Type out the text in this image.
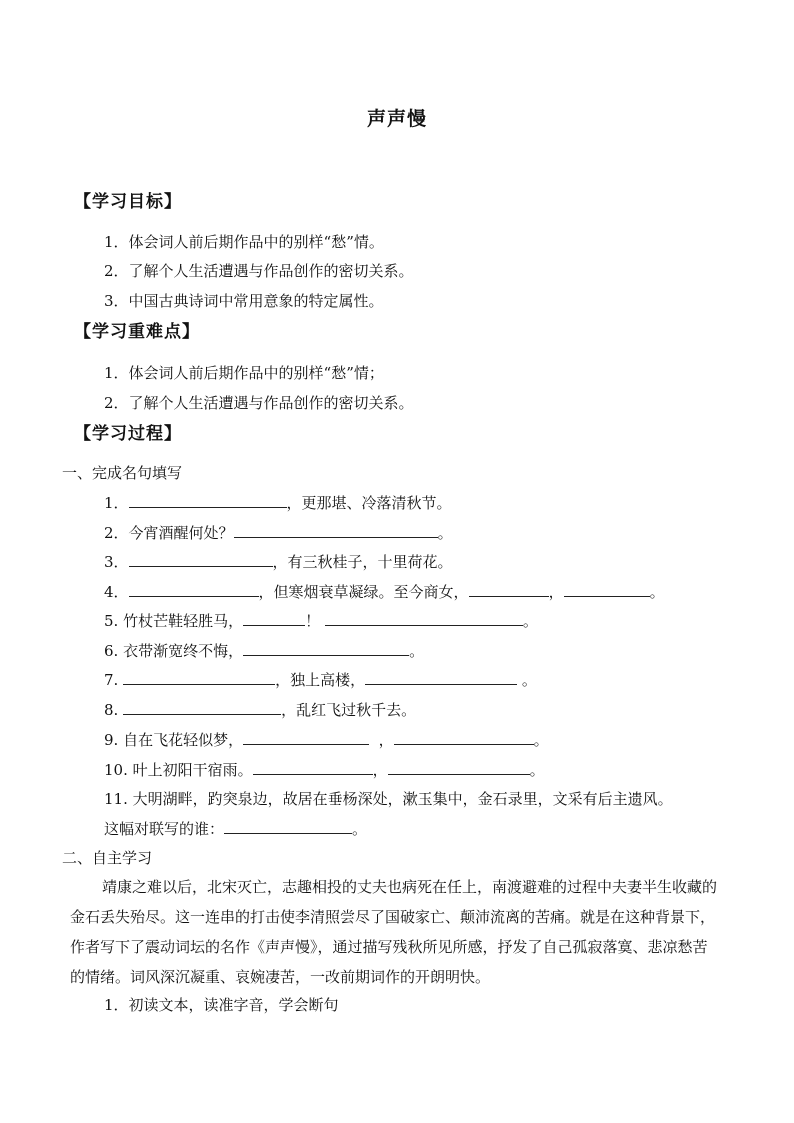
声声慢
【学习目标】
1．体会词人前后期作品中的别样“愁”情。
2．了解个人生活遭遇与作品创作的密切关系。
3．中国古典诗词中常用意象的特定属性。
【学习重难点】
1．体会词人前后期作品中的别样“愁”情；
2．了解个人生活遭遇与作品创作的密切关系。
【学习过程】
一、完成名句填写
1．	，更那堪、冷落清秋节。
2．今宵酒醒何处？	。
3．	，有三秋桂子，十里荷花。
4．	，但寒烟衰草凝绿。至今商女，	，	。
5. 竹杖芒鞋轻胜马，	！	。
6. 衣带渐宽终不悔，	。
7.	，独上高楼，	。
8.	，乱红飞过秋千去。
9. 自在飞花轻似梦，	，	。
10. 叶上初阳干宿雨。	，	。
11. 大明湖畔，趵突泉边，故居在垂杨深处，漱玉集中，金石录里，文采有后主遗风。
这幅对联写的谁：	。
二、自主学习

靖康之难以后，北宋灭亡，志趣相投的丈夫也病死在任上，南渡避难的过程中夫妻半生收藏的金石丢失殆尽。这一连串的打击使李清照尝尽了国破家亡、颠沛流离的苦痛。就是在这种背景下，作者写下了震动词坛的名作《声声慢》，通过描写残秋所见所感，抒发了自己孤寂落寞、悲凉愁苦的情绪。词风深沉凝重、哀婉凄苦，一改前期词作的开朗明快。

1．初读文本，读准字音，学会断句
